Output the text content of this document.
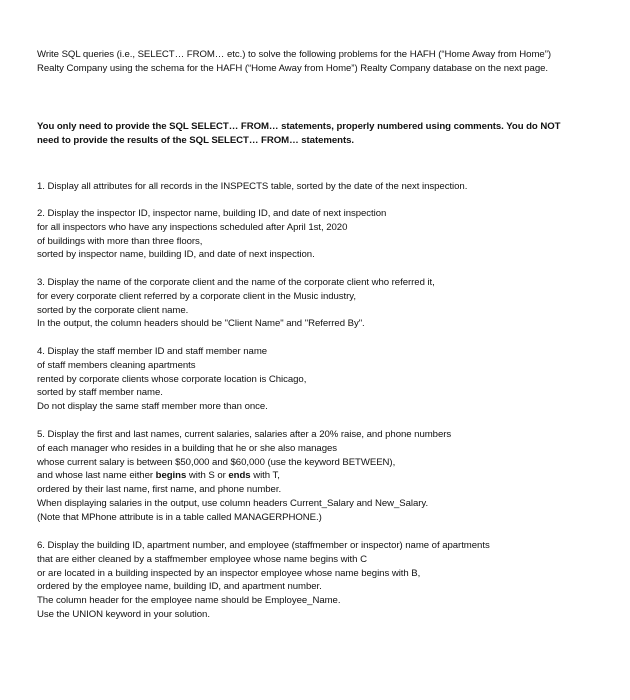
Write SQL queries (i.e., SELECT… FROM… etc.) to solve the following problems for the HAFH (“Home Away from Home”)
Realty Company using the schema for the HAFH (“Home Away from Home”) Realty Company database on the next page.
You only need to provide the SQL SELECT… FROM… statements, properly numbered using comments. You do NOT
need to provide the results of the SQL SELECT… FROM… statements.
1. Display all attributes for all records in the INSPECTS table, sorted by the date of the next inspection.
2. Display the inspector ID, inspector name, building ID, and date of next inspection
for all inspectors who have any inspections scheduled after April 1st, 2020
of buildings with more than three floors,
sorted by inspector name, building ID, and date of next inspection.
3. Display the name of the corporate client and the name of the corporate client who referred it,
for every corporate client referred by a corporate client in the Music industry,
sorted by the corporate client name.
In the output, the column headers should be "Client Name" and "Referred By".
4. Display the staff member ID and staff member name
of staff members cleaning apartments
rented by corporate clients whose corporate location is Chicago,
sorted by staff member name.
Do not display the same staff member more than once.
5. Display the first and last names, current salaries, salaries after a 20% raise, and phone numbers
of each manager who resides in a building that he or she also manages
whose current salary is between $50,000 and $60,000 (use the keyword BETWEEN),
and whose last name either begins with S or ends with T,
ordered by their last name, first name, and phone number.
When displaying salaries in the output, use column headers Current_Salary and New_Salary.
(Note that MPhone attribute is in a table called MANAGERPHONE.)
6. Display the building ID, apartment number, and employee (staffmember or inspector) name of apartments
that are either cleaned by a staffmember employee whose name begins with C
or are located in a building inspected by an inspector employee whose name begins with B,
ordered by the employee name, building ID, and apartment number.
The column header for the employee name should be Employee_Name.
Use the UNION keyword in your solution.
